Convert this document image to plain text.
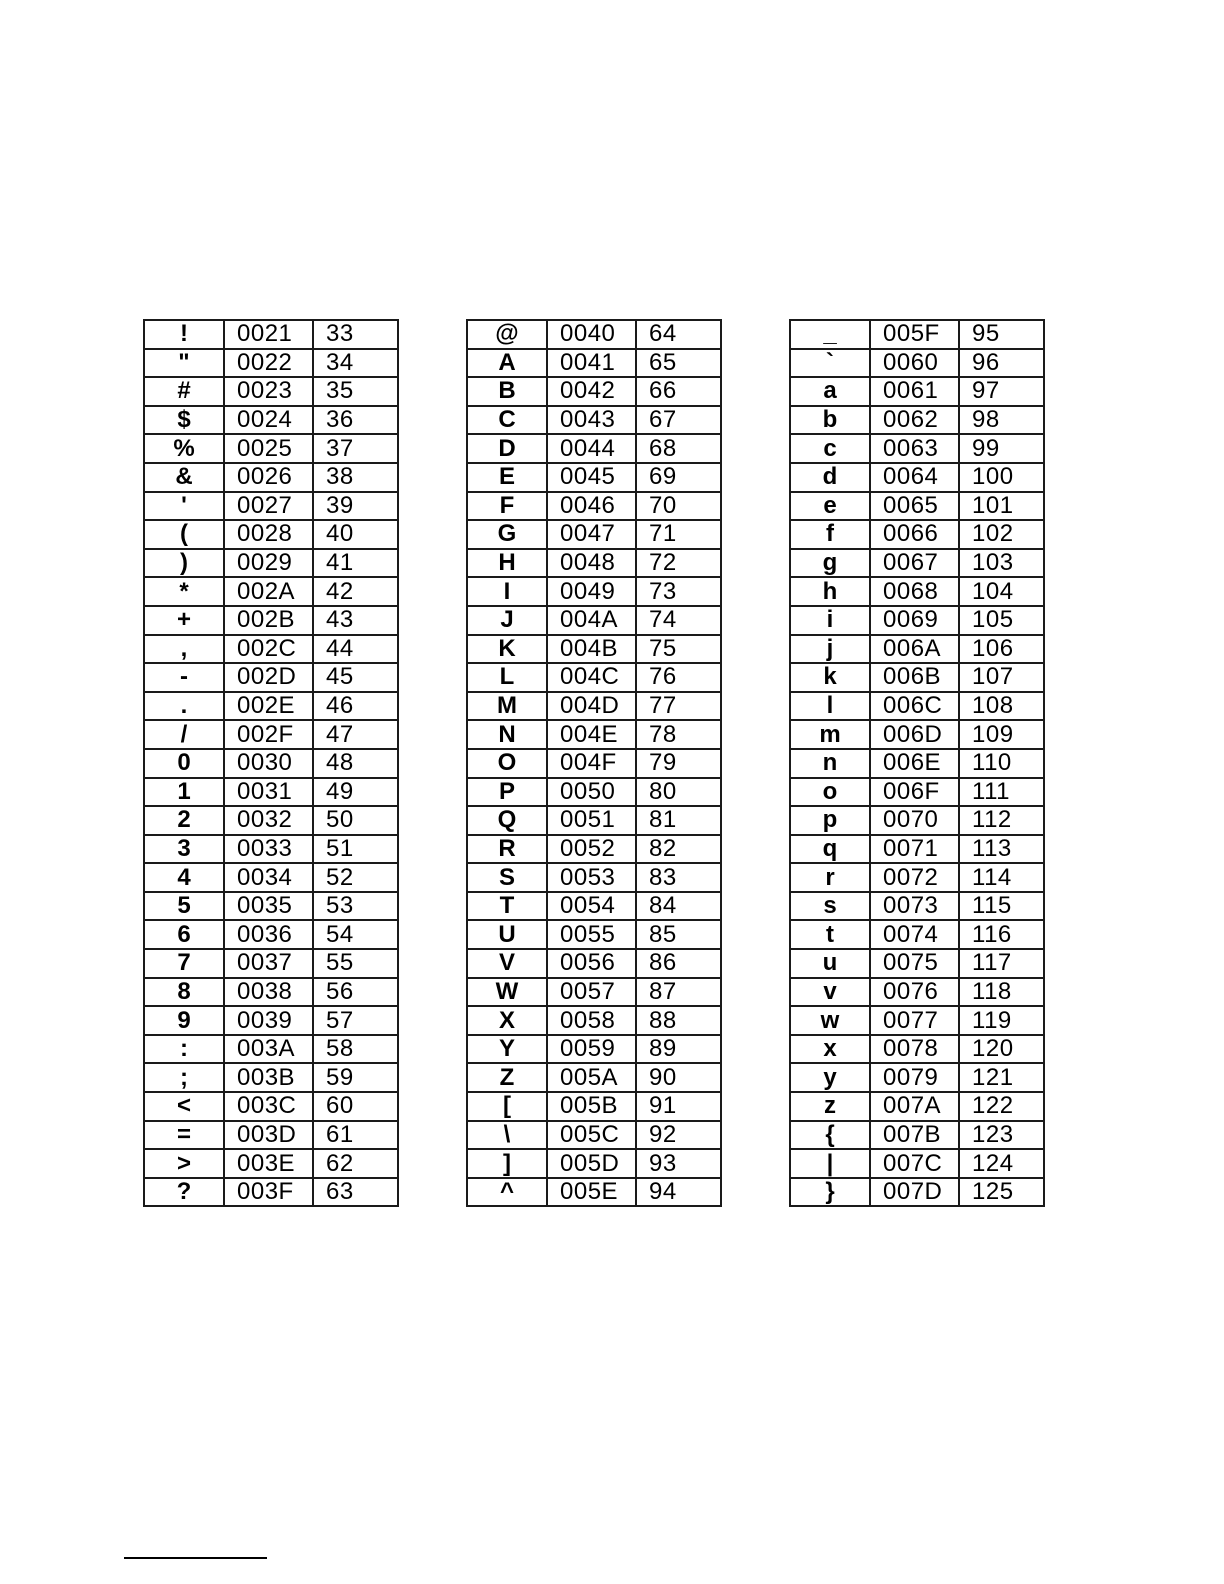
!	0021	33
"	0022	34
#	0023	35
$	0024	36
%	0025	37
&	0026	38
'	0027	39
(	0028	40
)	0029	41
*	002A	42
+	002B	43
,	002C	44
-	002D	45
.	002E	46
/	002F	47
0	0030	48
1	0031	49
2	0032	50
3	0033	51
4	0034	52
5	0035	53
6	0036	54
7	0037	55
8	0038	56
9	0039	57
:	003A	58
;	003B	59
<	003C	60
=	003D	61
>	003E	62
?	003F	63
@	0040	64
A	0041	65
B	0042	66
C	0043	67
D	0044	68
E	0045	69
F	0046	70
G	0047	71
H	0048	72
I	0049	73
J	004A	74
K	004B	75
L	004C	76
M	004D	77
N	004E	78
O	004F	79
P	0050	80
Q	0051	81
R	0052	82
S	0053	83
T	0054	84
U	0055	85
V	0056	86
W	0057	87
X	0058	88
Y	0059	89
Z	005A	90
[	005B	91
\	005C	92
]	005D	93
^	005E	94
_	005F	95
`	0060	96
a	0061	97
b	0062	98
c	0063	99
d	0064	100
e	0065	101
f	0066	102
g	0067	103
h	0068	104
i	0069	105
j	006A	106
k	006B	107
l	006C	108
m	006D	109
n	006E	110
o	006F	111
p	0070	112
q	0071	113
r	0072	114
s	0073	115
t	0074	116
u	0075	117
v	0076	118
w	0077	119
x	0078	120
y	0079	121
z	007A	122
{	007B	123
|	007C	124
}	007D	125
